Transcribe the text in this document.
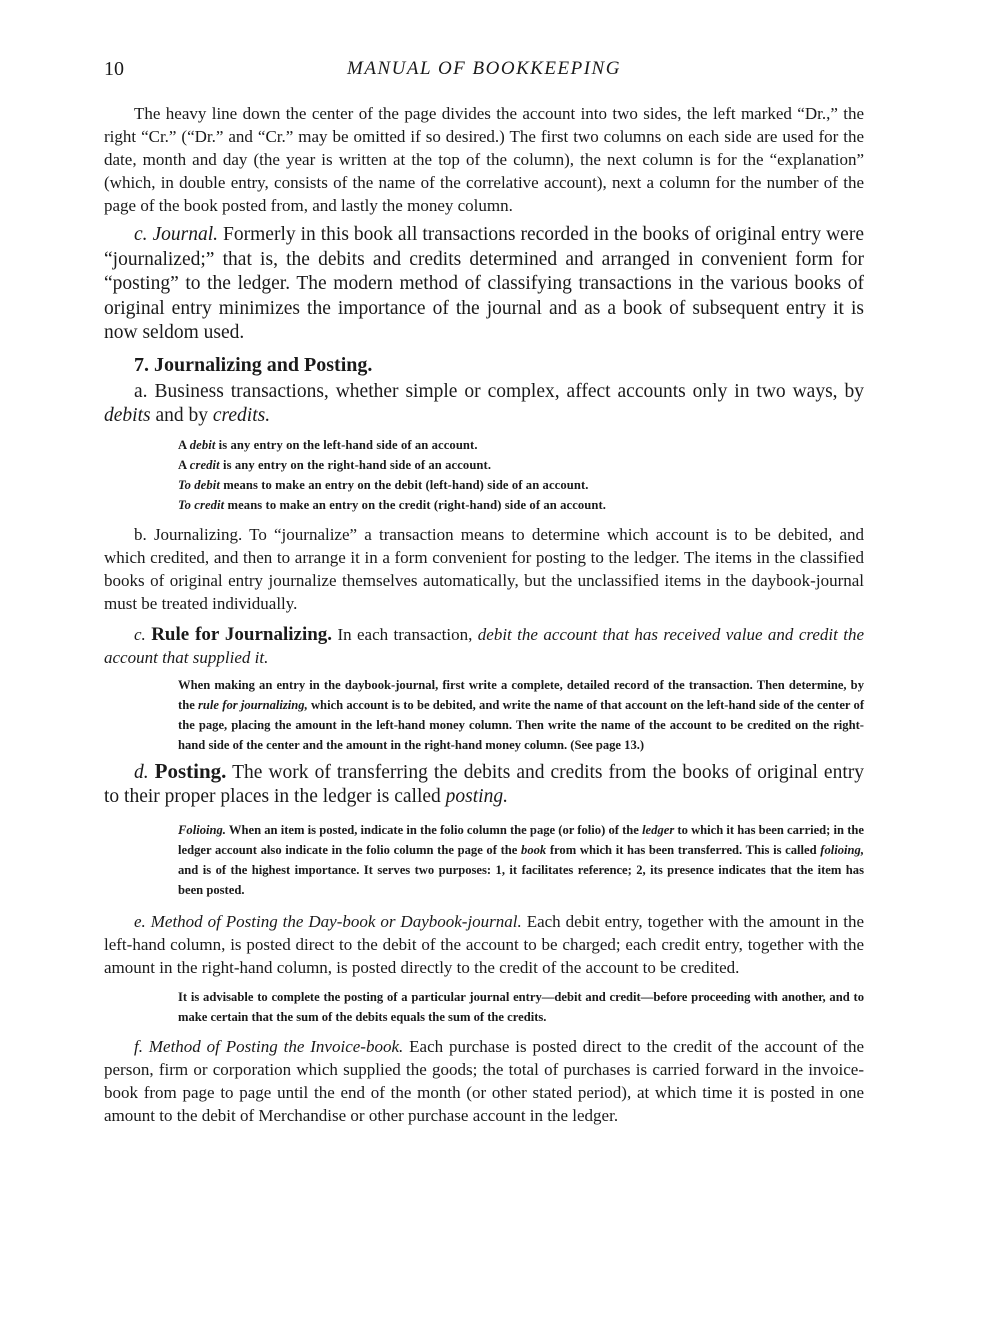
10	MANUAL OF BOOKKEEPING

The heavy line down the center of the page divides the account into two sides, the left marked “Dr.,” the right “Cr.” (“Dr.” and “Cr.” may be omitted if so desired.) The first two columns on each side are used for the date, month and day (the year is written at the top of the column), the next column is for the “explanation” (which, in double entry, consists of the name of the correlative account), next a column for the number of the page of the book posted from, and lastly the money column.

c. Journal. Formerly in this book all transactions recorded in the books of original entry were “journalized;” that is, the debits and credits determined and arranged in convenient form for “posting” to the ledger. The modern method of classifying transactions in the various books of original entry minimizes the importance of the journal and as a book of subsequent entry it is now seldom used.

7. Journalizing and Posting.

a. Business transactions, whether simple or complex, affect accounts only in two ways, by debits and by credits.

A debit is any entry on the left-hand side of an account.

A credit is any entry on the right-hand side of an account.

To debit means to make an entry on the debit (left-hand) side of an account.

To credit means to make an entry on the credit (right-hand) side of an account.

b. Journalizing. To “journalize” a transaction means to determine which account is to be debited, and which credited, and then to arrange it in a form convenient for posting to the ledger. The items in the classified books of original entry journalize themselves automatically, but the unclassified items in the daybook-journal must be treated individually.

c. Rule for Journalizing. In each transaction, debit the account that has received value and credit the account that supplied it.

When making an entry in the daybook-journal, first write a complete, detailed record of the transaction. Then determine, by the rule for journalizing, which account is to be debited, and write the name of that account on the left-hand side of the center of the page, placing the amount in the left-hand money column. Then write the name of the account to be credited on the right-hand side of the center and the amount in the right-hand money column. (See page 13.)

d. Posting. The work of transferring the debits and credits from the books of original entry to their proper places in the ledger is called posting.

Folioing. When an item is posted, indicate in the folio column the page (or folio) of the ledger to which it has been carried; in the ledger account also indicate in the folio column the page of the book from which it has been transferred. This is called folioing, and is of the highest importance. It serves two purposes: 1, it facilitates reference; 2, its presence indicates that the item has been posted.

e. Method of Posting the Day-book or Daybook-journal. Each debit entry, together with the amount in the left-hand column, is posted direct to the debit of the account to be charged; each credit entry, together with the amount in the right-hand column, is posted directly to the credit of the account to be credited.

It is advisable to complete the posting of a particular journal entry—debit and credit—before proceeding with another, and to make certain that the sum of the debits equals the sum of the credits.

f. Method of Posting the Invoice-book. Each purchase is posted direct to the credit of the account of the person, firm or corporation which supplied the goods; the total of purchases is carried forward in the invoice-book from page to page until the end of the month (or other stated period), at which time it is posted in one amount to the debit of Merchandise or other purchase account in the ledger.
